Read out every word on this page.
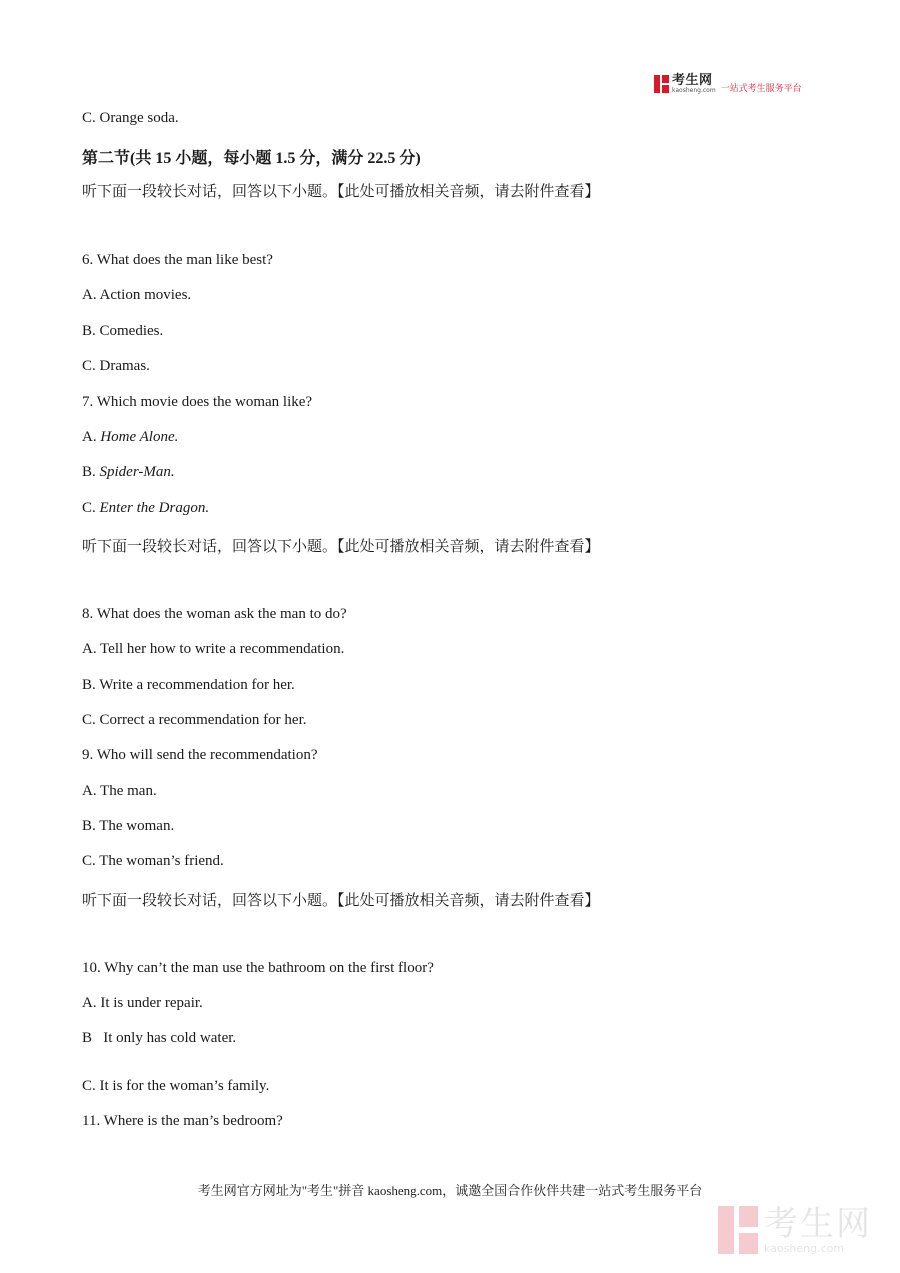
考生网
kaosheng.com 一站式考生服务平台
C. Orange soda.
第二节(共 15 小题，每小题 1.5 分，满分 22.5 分)
听下面一段较长对话，回答以下小题。【此处可播放相关音频，请去附件查看】
6. What does the man like best?
A. Action movies.
B. Comedies.
C. Dramas.
7. Which movie does the woman like?
A. Home Alone.
B. Spider-Man.
C. Enter the Dragon.
听下面一段较长对话，回答以下小题。【此处可播放相关音频，请去附件查看】
8. What does the woman ask the man to do?
A. Tell her how to write a recommendation.
B. Write a recommendation for her.
C. Correct a recommendation for her.
9. Who will send the recommendation?
A. The man.
B. The woman.
C. The woman’s friend.
听下面一段较长对话，回答以下小题。【此处可播放相关音频，请去附件查看】
10. Why can’t the man use the bathroom on the first floor?
A. It is under repair.
B   It only has cold water.
C. It is for the woman’s family.
11. Where is the man’s bedroom?
考生网官方网址为"考生"拼音 kaosheng.com，诚邀全国合作伙伴共建一站式考生服务平台
考生网
kaosheng.com
